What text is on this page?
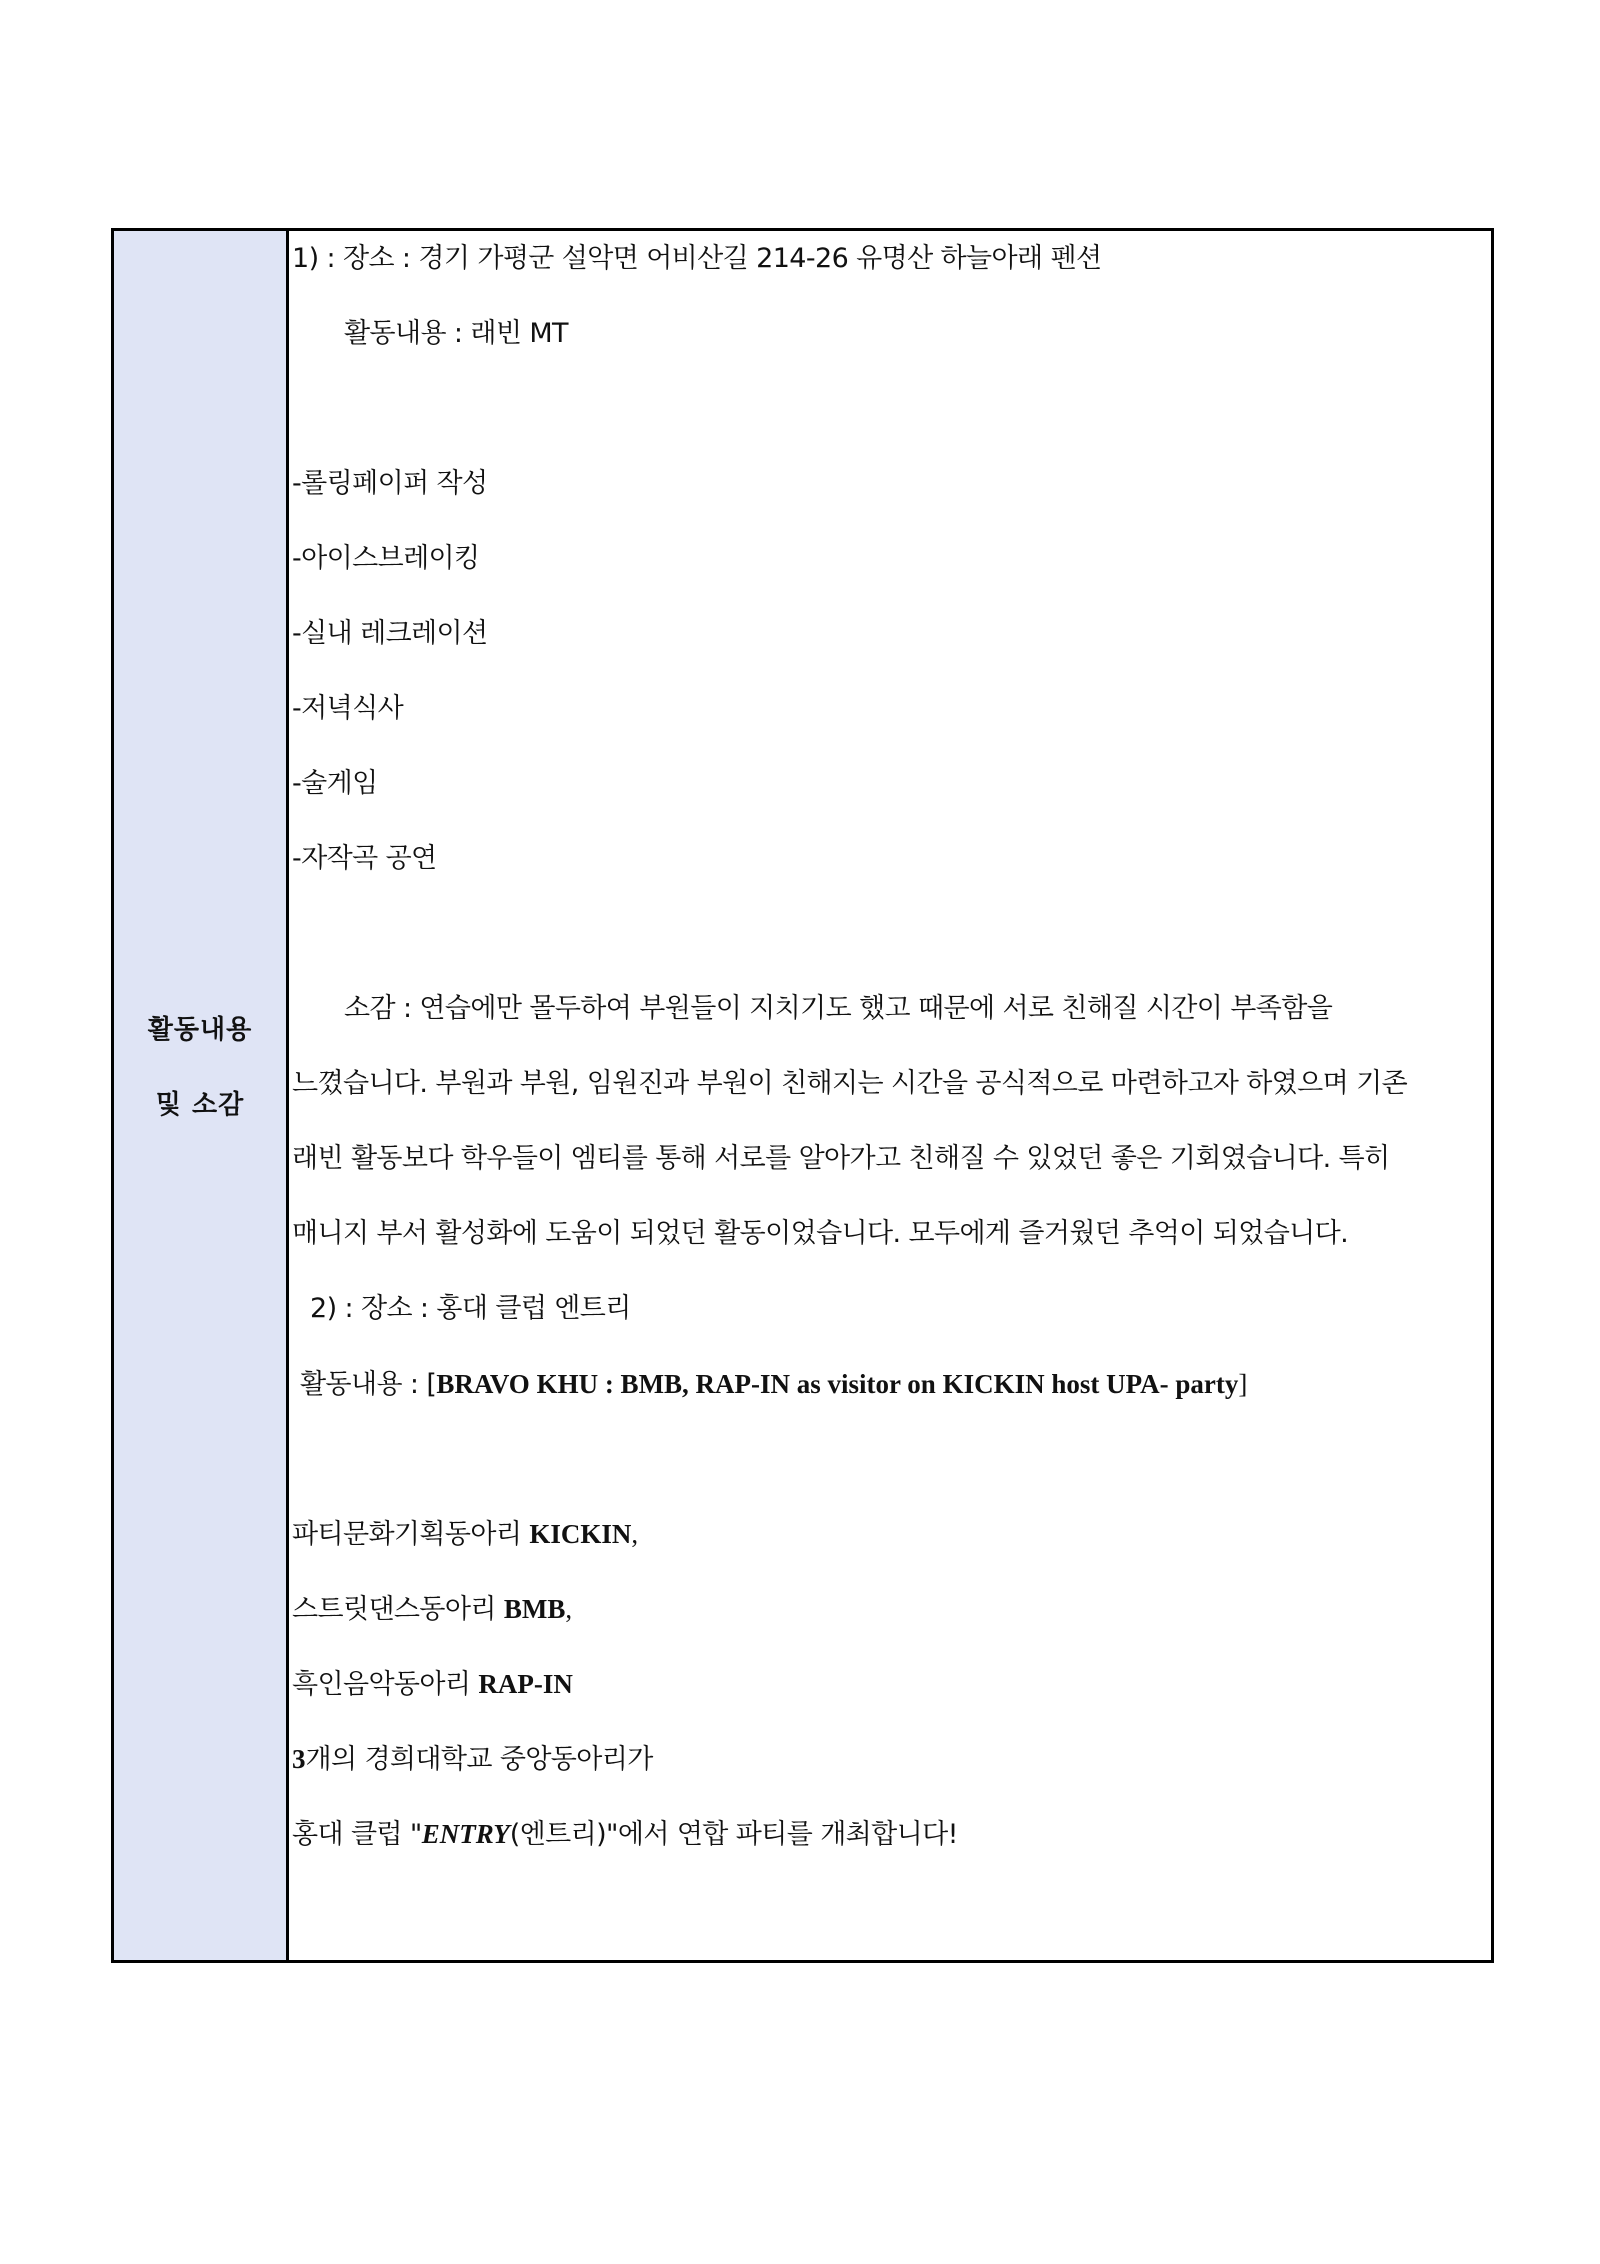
활동내용
및 소감
1) : 장소 : 경기 가평군 설악면 어비산길 214-26 유명산 하늘아래 펜션
활동내용 : 래빈 MT
-롤링페이퍼 작성
-아이스브레이킹
-실내 레크레이션
-저녁식사
-술게임
-자작곡 공연
소감 : 연습에만 몰두하여 부원들이 지치기도 했고 때문에 서로 친해질 시간이 부족함을
느꼈습니다. 부원과 부원, 임원진과 부원이 친해지는 시간을 공식적으로 마련하고자 하였으며 기존
래빈 활동보다 학우들이 엠티를 통해 서로를 알아가고 친해질 수 있었던 좋은 기회였습니다. 특히
매니지 부서 활성화에 도움이 되었던 활동이었습니다. 모두에게 즐거웠던 추억이 되었습니다.
2) : 장소 : 홍대 클럽 엔트리
활동내용 : [BRAVO KHU : BMB, RAP-IN as visitor on KICKIN host UPA- party]
파티문화기획동아리 KICKIN,
스트릿댄스동아리 BMB,
흑인음악동아리 RAP-IN
3개의 경희대학교 중앙동아리가
홍대 클럽 "ENTRY(엔트리)"에서 연합 파티를 개최합니다!
